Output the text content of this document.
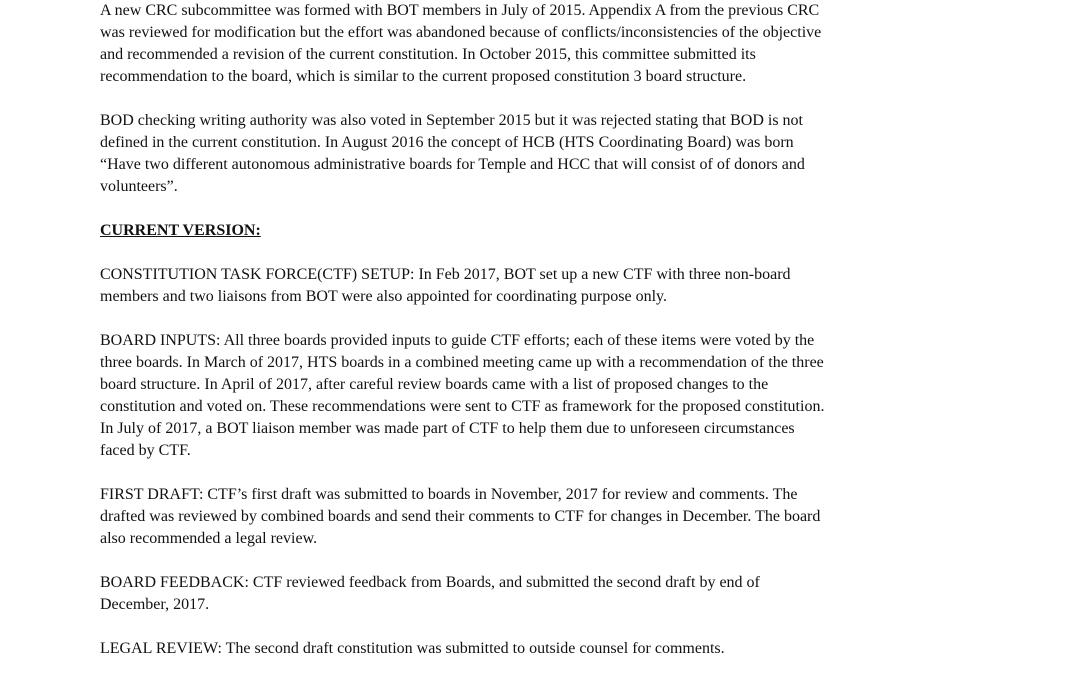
A new CRC subcommittee was formed with BOT members in July of 2015. Appendix A from the previous CRC
was reviewed for modification but the effort was abandoned because of conflicts/inconsistencies of the objective
and recommended a revision of the current constitution. In October 2015, this committee submitted its
recommendation to the board, which is similar to the current proposed constitution 3 board structure.
BOD checking writing authority was also voted in September 2015 but it was rejected stating that BOD is not
defined in the current constitution. In August 2016 the concept of HCB (HTS Coordinating Board) was born
“Have two different autonomous administrative boards for Temple and HCC that will consist of of donors and
volunteers”.
CURRENT VERSION:
CONSTITUTION TASK FORCE(CTF) SETUP: In Feb 2017, BOT set up a new CTF with three non-board
members and two liaisons from BOT were also appointed for coordinating purpose only.
BOARD INPUTS: All three boards provided inputs to guide CTF efforts; each of these items were voted by the
three boards. In March of 2017, HTS boards in a combined meeting came up with a recommendation of the three
board structure. In April of 2017, after careful review boards came with a list of proposed changes to the
constitution and voted on. These recommendations were sent to CTF as framework for the proposed constitution.
In July of 2017, a BOT liaison member was made part of CTF to help them due to unforeseen circumstances
faced by CTF.
FIRST DRAFT: CTF’s first draft was submitted to boards in November, 2017 for review and comments. The
drafted was reviewed by combined boards and send their comments to CTF for changes in December. The board
also recommended a legal review.
BOARD FEEDBACK: CTF reviewed feedback from Boards, and submitted the second draft by end of
December, 2017.
LEGAL REVIEW: The second draft constitution was submitted to outside counsel for comments.
